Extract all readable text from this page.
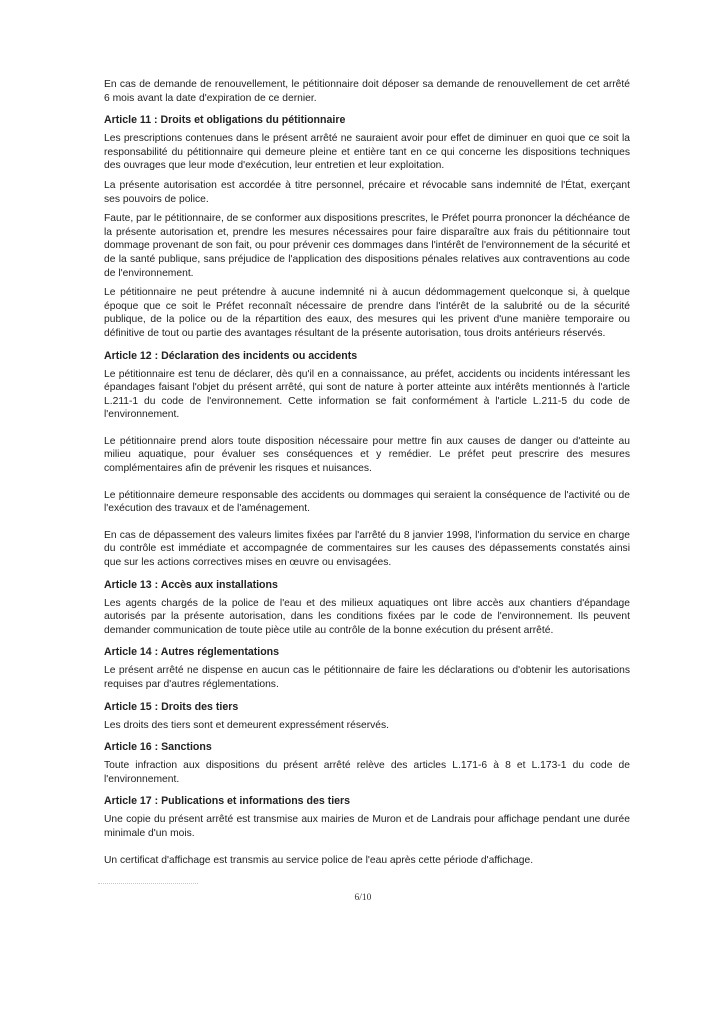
En cas de demande de renouvellement, le pétitionnaire doit déposer sa demande de renouvellement de cet arrêté 6 mois avant la date d'expiration de ce dernier.

Article 11 : Droits et obligations du pétitionnaire

Les prescriptions contenues dans le présent arrêté ne sauraient avoir pour effet de diminuer en quoi que ce soit la responsabilité du pétitionnaire qui demeure pleine et entière tant en ce qui concerne les dispositions techniques des ouvrages que leur mode d'exécution, leur entretien et leur exploitation.

La présente autorisation est accordée à titre personnel, précaire et révocable sans indemnité de l'État, exerçant ses pouvoirs de police.

Faute, par le pétitionnaire, de se conformer aux dispositions prescrites, le Préfet pourra prononcer la déchéance de la présente autorisation et, prendre les mesures nécessaires pour faire disparaître aux frais du pétitionnaire tout dommage provenant de son fait, ou pour prévenir ces dommages dans l'intérêt de l'environnement de la sécurité et de la santé publique, sans préjudice de l'application des dispositions pénales relatives aux contraventions au code de l'environnement.

Le pétitionnaire ne peut prétendre à aucune indemnité ni à aucun dédommagement quelconque si, à quelque époque que ce soit le Préfet reconnaît nécessaire de prendre dans l'intérêt de la salubrité ou de la sécurité publique, de la police ou de la répartition des eaux, des mesures qui les privent d'une manière temporaire ou définitive de tout ou partie des avantages résultant de la présente autorisation, tous droits antérieurs réservés.

Article 12 : Déclaration des incidents ou accidents

Le pétitionnaire est tenu de déclarer, dès qu'il en a connaissance, au préfet, accidents ou incidents intéressant les épandages faisant l'objet du présent arrêté, qui sont de nature à porter atteinte aux intérêts mentionnés à l'article L.211-1 du code de l'environnement. Cette information se fait conformément à l'article L.211-5 du code de l'environnement.

Le pétitionnaire prend alors toute disposition nécessaire pour mettre fin aux causes de danger ou d'atteinte au milieu aquatique, pour évaluer ses conséquences et y remédier. Le préfet peut prescrire des mesures complémentaires afin de prévenir les risques et nuisances.

Le pétitionnaire demeure responsable des accidents ou dommages qui seraient la conséquence de l'activité ou de l'exécution des travaux et de l'aménagement.

En cas de dépassement des valeurs limites fixées par l'arrêté du 8 janvier 1998, l'information du service en charge du contrôle est immédiate et accompagnée de commentaires sur les causes des dépassements constatés ainsi que sur les actions correctives mises en œuvre ou envisagées.

Article 13 : Accès aux installations

Les agents chargés de la police de l'eau et des milieux aquatiques ont libre accès aux chantiers d'épandage autorisés par la présente autorisation, dans les conditions fixées par le code de l'environnement. Ils peuvent demander communication de toute pièce utile au contrôle de la bonne exécution du présent arrêté.

Article 14 : Autres réglementations

Le présent arrêté ne dispense en aucun cas le pétitionnaire de faire les déclarations ou d'obtenir les autorisations requises par d'autres réglementations.

Article 15 : Droits des tiers

Les droits des tiers sont et demeurent expressément réservés.

Article 16 : Sanctions

Toute infraction aux dispositions du présent arrêté relève des articles L.171-6 à 8 et L.173-1 du code de l'environnement.

Article 17 : Publications et informations des tiers

Une copie du présent arrêté est transmise aux mairies de Muron et de Landrais pour affichage pendant une durée minimale d'un mois.

Un certificat d'affichage est transmis au service police de l'eau après cette période d'affichage.

6/10
